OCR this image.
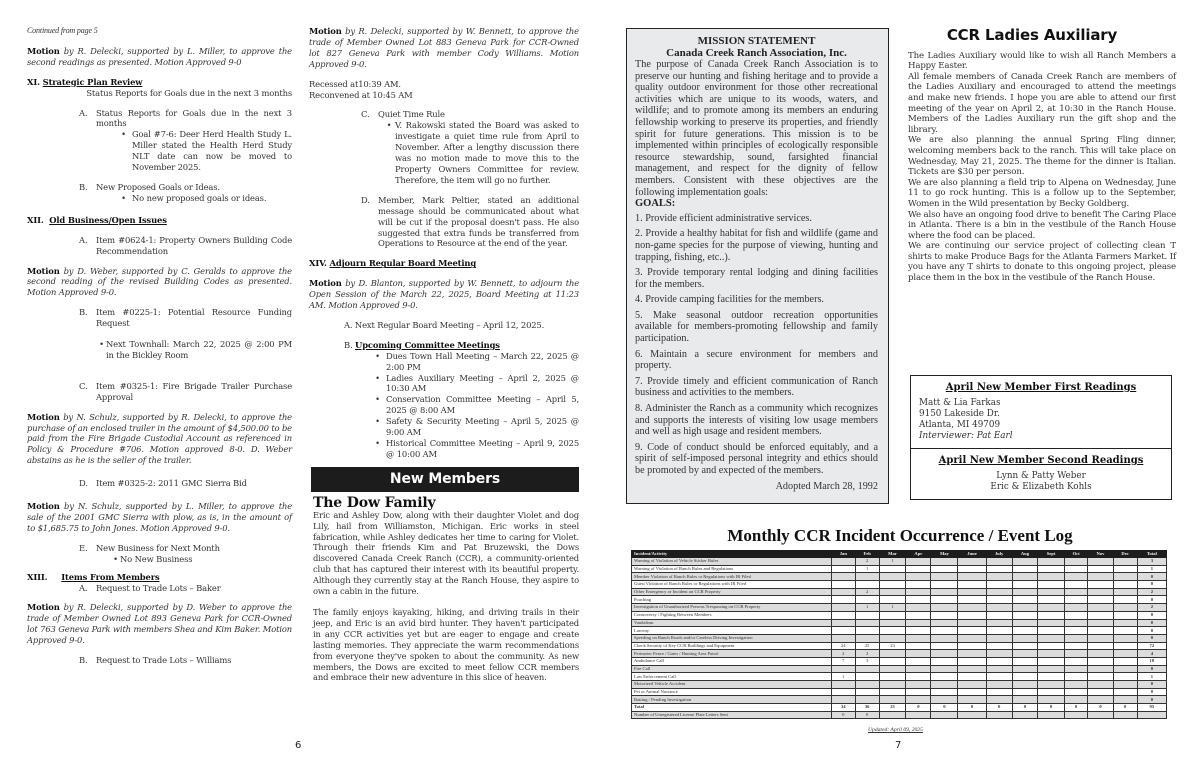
Continued from page 5

Motion by R. Delecki, supported by L. Miller, to approve the second readings as presented. Motion Approved 9-0

XI. Strategic Plan Review
Status Reports for Goals due in the next 3 months
A.	Status Reports for Goals due in the next 3 months
• Goal #7-6: Deer Herd Health Study L. Miller stated the Health Herd Study NLT date can now be moved to November 2025.
B.	New Proposed Goals or Ideas.
• No new proposed goals or ideas.
XII. Old Business/Open Issues
A.	Item #0624-1: Property Owners Building Code Recommendation

Motion by D. Weber, supported by C. Geralds to approve the second reading of the revised Building Codes as presented. Motion Approved 9-0.

B.	Item #0225-1: Potential Resource Funding Request
• Next Townhall: March 22, 2025 @ 2:00 PM in the Bickley Room
C.	Item #0325-1: Fire Brigade Trailer Purchase Approval

Motion by N. Schulz, supported by R. Delecki, to approve the purchase of an enclosed trailer in the amount of $4,500.00 to be paid from the Fire Brigade Custodial Account as referenced in Policy & Procedure #706. Motion approved 8-0. D. Weber abstains as he is the seller of the trailer.

D. Item #0325-2: 2011 GMC Sierra Bid

Motion by N. Schulz, supported by L. Miller, to approve the sale of the 2001 GMC Sierra with plow, as is, in the amount of to $1,685.75 to John Jones. Motion Approved 9-0.

E.	New Business for Next Month
• No New Business
XIII. Items From Members
A.	Request to Trade Lots – Baker

Motion by R. Delecki, supported by D. Weber to approve the trade of Member Owned Lot 893 Geneva Park for CCR-Owned lot 763 Geneva Park with members Shea and Kim Baker. Motion Approved 9-0.

B.	Request to Trade Lots – Williams
6

Motion by R. Delecki, supported by W. Bennett, to approve the trade of Member Owned Lot 883 Geneva Park for CCR-Owned lot 827 Geneva Park with member Cody Williams. Motion Approved 9-0.

Recessed at10:39 AM.
Reconvened at 10:45 AM
C.	Quiet Time Rule
• V. Rakowski stated the Board was asked to investigate a quiet time rule from April to November. After a lengthy discussion there was no motion made to move this to the Property Owners Committee for review. Therefore, the item will go no further.
D. Member, Mark Peltier, stated an additional message should be communicated about what will be cut if the proposal doesn't pass. He also suggested that extra funds be transferred from Operations to Resource at the end of the year.
XIV. Adjourn Regular Board Meeting

Motion by D. Blanton, supported by W. Bennett, to adjourn the Open Session of the March 22, 2025, Board Meeting at 11:23 AM. Motion Approved 9-0.

A. Next Regular Board Meeting – April 12, 2025.
B. Upcoming Committee Meetings
• Dues Town Hall Meeting – March 22, 2025 @ 2:00 PM
• Ladies Auxiliary Meeting – April 2, 2025 @ 10:30 AM
• Conservation Committee Meeting – April 5, 2025 @ 8:00 AM
• Safety & Security Meeting – April 5, 2025 @ 9:00 AM
• Historical Committee Meeting – April 9, 2025 @ 10:00 AM
New Members
The Dow Family

Eric and Ashley Dow, along with their daughter Violet and dog Lily, hail from Williamston, Michigan. Eric works in steel fabrication, while Ashley dedicates her time to caring for Violet. Through their friends Kim and Pat Bruzewski, the Dows discovered Canada Creek Ranch (CCR), a community-oriented club that has captured their interest with its beautiful property. Although they currently stay at the Ranch House, they aspire to own a cabin in the future.

The family enjoys kayaking, hiking, and driving trails in their jeep, and Eric is an avid bird hunter. They haven't participated in any CCR activities yet but are eager to engage and create lasting memories. They appreciate the warm recommendations from everyone they've spoken to about the community. As new members, the Dows are excited to meet fellow CCR members and embrace their new adventure in this slice of heaven.

MISSION STATEMENT
Canada Creek Ranch Association, Inc.

The purpose of Canada Creek Ranch Association is to preserve our hunting and fishing heritage and to provide a quality outdoor environment for those other recreational activities which are unique to its woods, waters, and wildlife; and to promote among its members an enduring fellowship working to preserve its properties, and friendly spirit for future generations. This mission is to be implemented within principles of ecologically responsible resource stewardship, sound, farsighted financial management, and respect for the dignity of fellow members. Consistent with these objectives are the following implementation goals:

GOALS:

1. Provide efficient administrative services.

2. Provide a healthy habitat for fish and wildlife (game and non-game species for the purpose of viewing, hunting and trapping, fishing, etc..).

3. Provide temporary rental lodging and dining facilities for the members.

4. Provide camping facilities for the members.

5. Make seasonal outdoor recreation opportunities available for members-promoting fellowship and family participation.

6. Maintain a secure environment for members and property.

7. Provide timely and efficient communication of Ranch business and activities to the members.

8. Administer the Ranch as a community which recognizes and supports the interests of visiting low usage members and well as high usage and resident members.

9. Code of conduct should be enforced equitably, and a spirit of self-imposed personal integrity and ethics should be promoted by and expected of the members.

Adopted March 28, 1992
CCR Ladies Auxiliary

The Ladies Auxiliary would like to wish all Ranch Members a Happy Easter.

All female members of Canada Creek Ranch are members of the Ladies Auxiliary and encouraged to attend the meetings and make new friends. I hope you are able to attend our first meeting of the year on April 2, at 10:30 in the Ranch House. Members of the Ladies Auxiliary run the gift shop and the library.

We are also planning the annual Spring Fling dinner, welcoming members back to the ranch. This will take place on Wednesday, May 21, 2025. The theme for the dinner is Italian. Tickets are $30 per person.

We are also planning a field trip to Alpena on Wednesday, June 11 to go rock hunting. This is a follow up to the September, Women in the Wild presentation by Becky Goldberg.

We also have an ongoing food drive to benefit The Caring Place in Atlanta. There is a bin in the vestibule of the Ranch House where the food can be placed.

We are continuing our service project of collecting clean T shirts to make Produce Bags for the Atlanta Farmers Market. If you have any T shirts to donate to this ongoing project, please place them in the box in the vestibule of the Ranch House.

April New Member First Readings
Matt & Lia Farkas
9150 Lakeside Dr.
Atlanta, MI 49709
Interviewer: Pat Earl
April New Member Second Readings
Lynn & Patty Weber
Eric & Elizabeth Kohls
Monthly CCR Incident Occurrence / Event Log
Incident/Activity	Jan	Feb	Mar	Apr	May	June	July	Aug	Sept	Oct	Nov	Dec	Total
Warning of Violation of Vehicle Sticker Rules		2	1										3
Warning of Violation of Ranch Rules and Regulations		1											1
Member Violation of Ranch Rules or Regulations with IR Filed													0
Guest Violation of Ranch Rules or Regulations with IR Filed													0
Other Emergency or Incident on CCR Property		2											2
Poaching													0
Investigation of Unauthorized Persons Trespassing on CCR Property		1	1										2
Controversy / Fighting Between Members													0
Vandalism													0
Larceny													0
Speeding on Ranch Roads and/or Careless Driving Investigation													0
Check Security of Key CCR Buildings and Equipment	24	25	23										72
Perimeter Fence / Gates / Hunting Area Patrol	2	2											4
Ambulance Call	7	3											10
Fire Call													0
Law Enforcement Call	1												1
Motorized Vehicle Accident													0
Pet or Animal Nuisance													0
Baiting / Pending Investigation													0
Total	34	36	25	0	0	0	0	0	0	0	0	0	95
Number of Unregistered License Plate Letters Sent	0	0											
Updated: April 09, 2025
7
